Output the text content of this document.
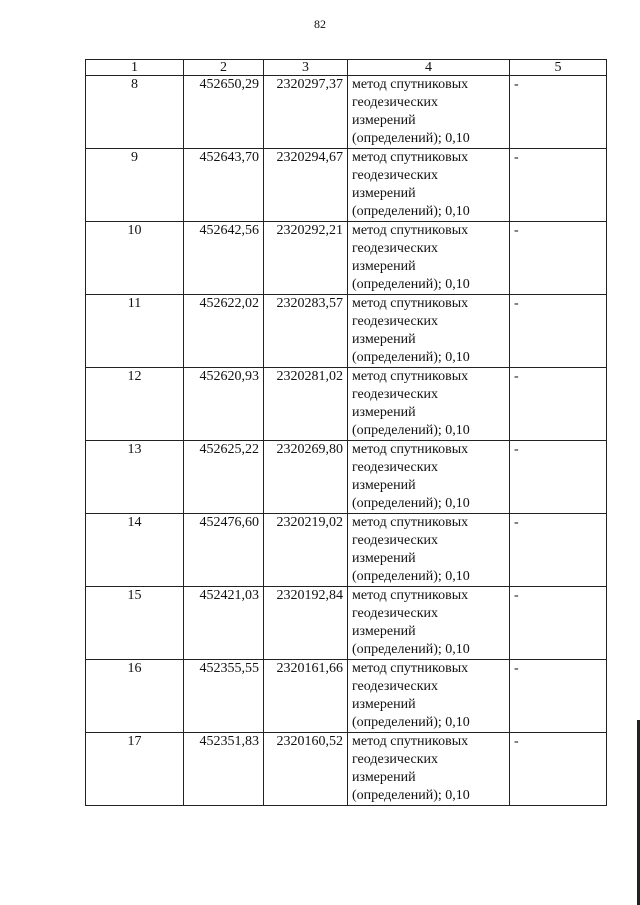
82
1	2	3	4	5
8	452650,29	2320297,37	метод спутниковых геодезических измерений (определений); 0,10	-
9	452643,70	2320294,67	метод спутниковых геодезических измерений (определений); 0,10	-
10	452642,56	2320292,21	метод спутниковых геодезических измерений (определений); 0,10	-
11	452622,02	2320283,57	метод спутниковых геодезических измерений (определений); 0,10	-
12	452620,93	2320281,02	метод спутниковых геодезических измерений (определений); 0,10	-
13	452625,22	2320269,80	метод спутниковых геодезических измерений (определений); 0,10	-
14	452476,60	2320219,02	метод спутниковых геодезических измерений (определений); 0,10	-
15	452421,03	2320192,84	метод спутниковых геодезических измерений (определений); 0,10	-
16	452355,55	2320161,66	метод спутниковых геодезических измерений (определений); 0,10	-
17	452351,83	2320160,52	метод спутниковых геодезических измерений (определений); 0,10	-
